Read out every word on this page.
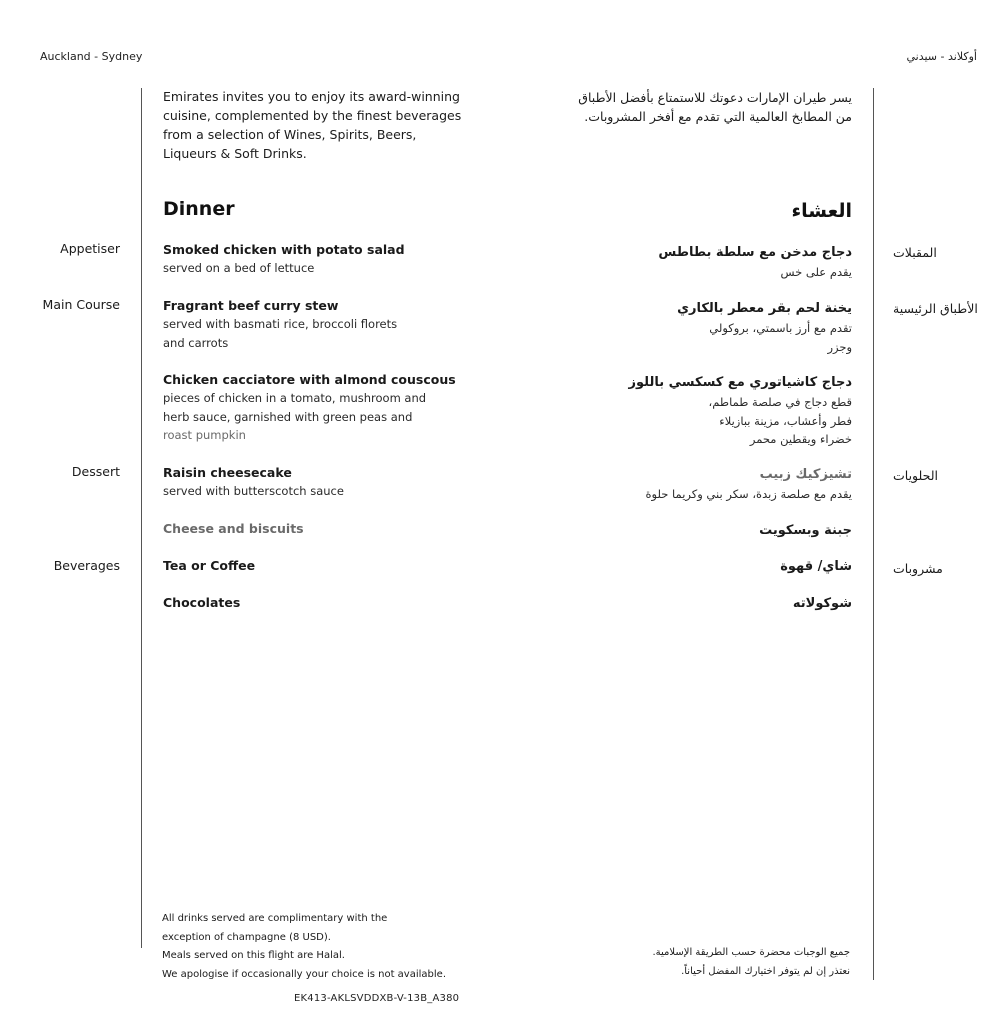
Auckland - Sydney	أوكلاند - سيدني
Emirates invites you to enjoy its award-winning
cuisine, complemented by the finest beverages
from a selection of Wines, Spirits, Beers,
Liqueurs & Soft Drinks.
يسر طيران الإمارات دعوتك للاستمتاع بأفضل الأطباق
من المطابخ العالمية التي تقدم مع أفخر المشروبات.
Dinner	العشاء
Appetiser	المقبلات
Main Course	الأطباق الرئيسية
Dessert	الحلويات
Beverages	مشروبات
Smoked chicken with potato salad
served on a bed of lettuce
دجاج مدخن مع سلطة بطاطس
يقدم على خس
Fragrant beef curry stew
served with basmati rice, broccoli florets
and carrots
يخنة لحم بقر معطر بالكاري
تقدم مع أرز باسمتي، بروكولي
وجزر
Chicken cacciatore with almond couscous
pieces of chicken in a tomato, mushroom and
herb sauce, garnished with green peas and
roast pumpkin
دجاج كاشياتوري مع كسكسي باللوز
قطع دجاج في صلصة طماطم،
فطر وأعشاب، مزينة ببازيلاء
خضراء ويقطين محمر
Raisin cheesecake
served with butterscotch sauce
تشيزكيك زبيب
يقدم مع صلصة زبدة، سكر بني وكريما حلوة
Cheese and biscuits	جبنة وبسكويت
Tea or Coffee	شاي/ قهوة
Chocolates	شوكولاته
All drinks served are complimentary with the
exception of champagne (8 USD).
Meals served on this flight are Halal.
We apologise if occasionally your choice is not available.
جميع الوجبات محضرة حسب الطريقة الإسلامية.
نعتذر إن لم يتوفر اختيارك المفضل أحياناً.
EK413-AKLSVDDXB-V-13B_A380
